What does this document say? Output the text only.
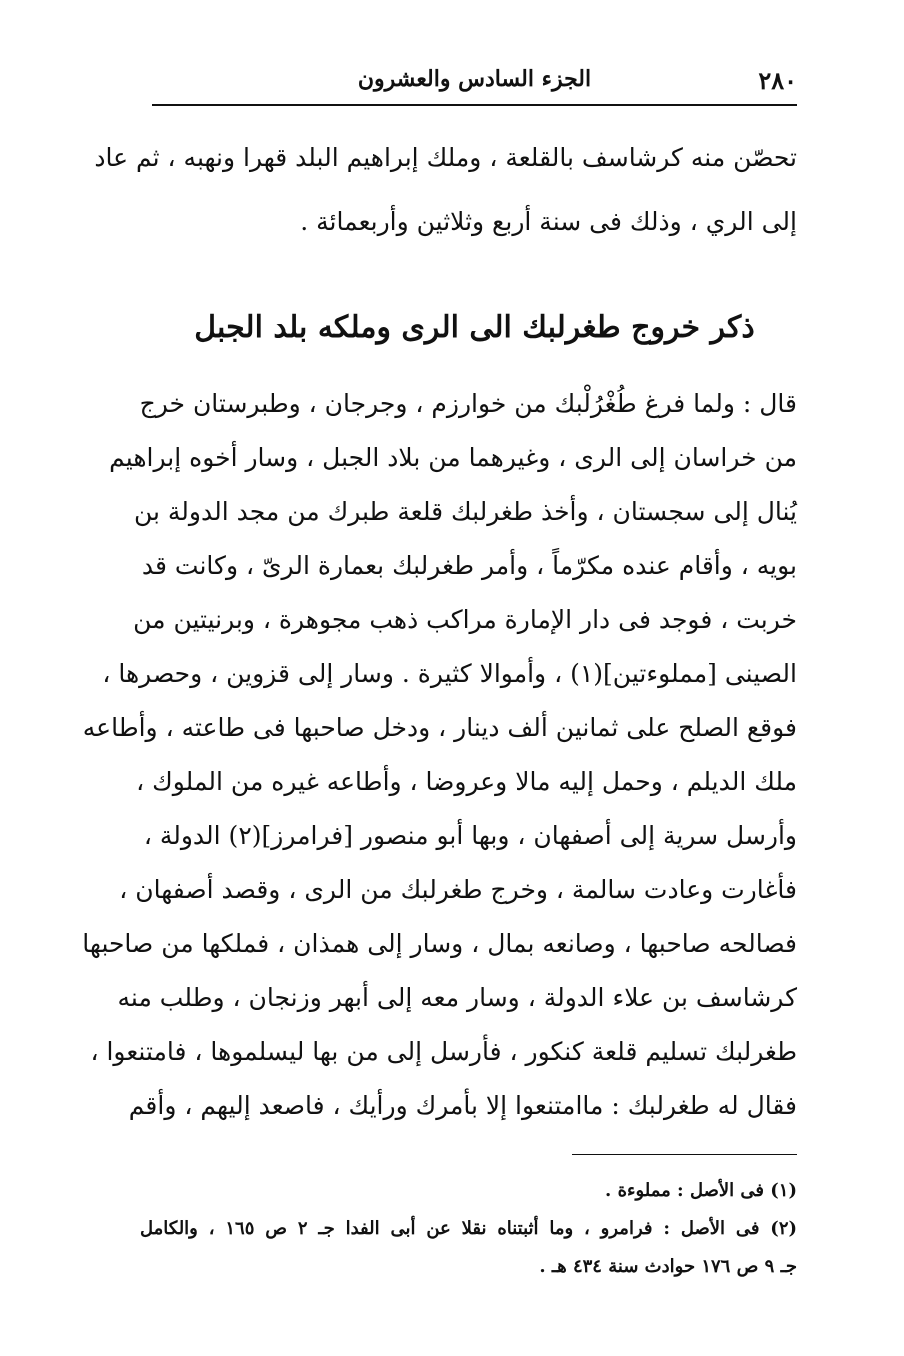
٢٨٠
الجزء السادس والعشرون
تحصّن منه كرشاسف بالقلعة ، وملك إبراهيم البلد قهرا ونهبه ، ثم عاد
إلى الري ، وذلك فى سنة أربع وثلاثين وأربعمائة .
ذكر خروج طغرلبك الى الرى وملكه بلد الجبل
قال : ولما فرغ طُغْرُلْبك من خوارزم ، وجرجان ، وطبرستان خرج
من خراسان إلى الرى ، وغيرهما من بلاد الجبل ، وسار أخوه إبراهيم
يُنال إلى سجستان ، وأخذ طغرلبك قلعة طبرك من مجد الدولة بن
بويه ، وأقام عنده مكرّماً ، وأمر طغرلبك بعمارة الرىّ ، وكانت قد
خربت ، فوجد فى دار الإمارة مراكب ذهب مجوهرة ، وبرنيتين من
الصينى [مملوءتين](١) ، وأموالا كثيرة . وسار إلى قزوين ، وحصرها ،
فوقع الصلح على ثمانين ألف دينار ، ودخل صاحبها فى طاعته ، وأطاعه
ملك الديلم ، وحمل إليه مالا وعروضا ، وأطاعه غيره من الملوك ،
وأرسل سرية إلى أصفهان ، وبها أبو منصور [فرامرز](٢) الدولة ،
فأغارت وعادت سالمة ، وخرج طغرلبك من الرى ، وقصد أصفهان ،
فصالحه صاحبها ، وصانعه بمال ، وسار إلى همذان ، فملكها من صاحبها
كرشاسف بن علاء الدولة ، وسار معه إلى أبهر وزنجان ، وطلب منه
طغرلبك تسليم قلعة كنكور ، فأرسل إلى من بها ليسلموها ، فامتنعوا ،
فقال له طغرلبك : ماامتنعوا إلا بأمرك ورأيك ، فاصعد إليهم ، وأقم
(١) فى الأصل : مملوءة .
(٢) فى الأصل : فرامرو ، وما أثبتناه نقلا عن أبى الفدا جـ ٢ ص ١٦٥ ، والكامل
جـ ٩ ص ١٧٦ حوادث سنة ٤٣٤ هـ .
